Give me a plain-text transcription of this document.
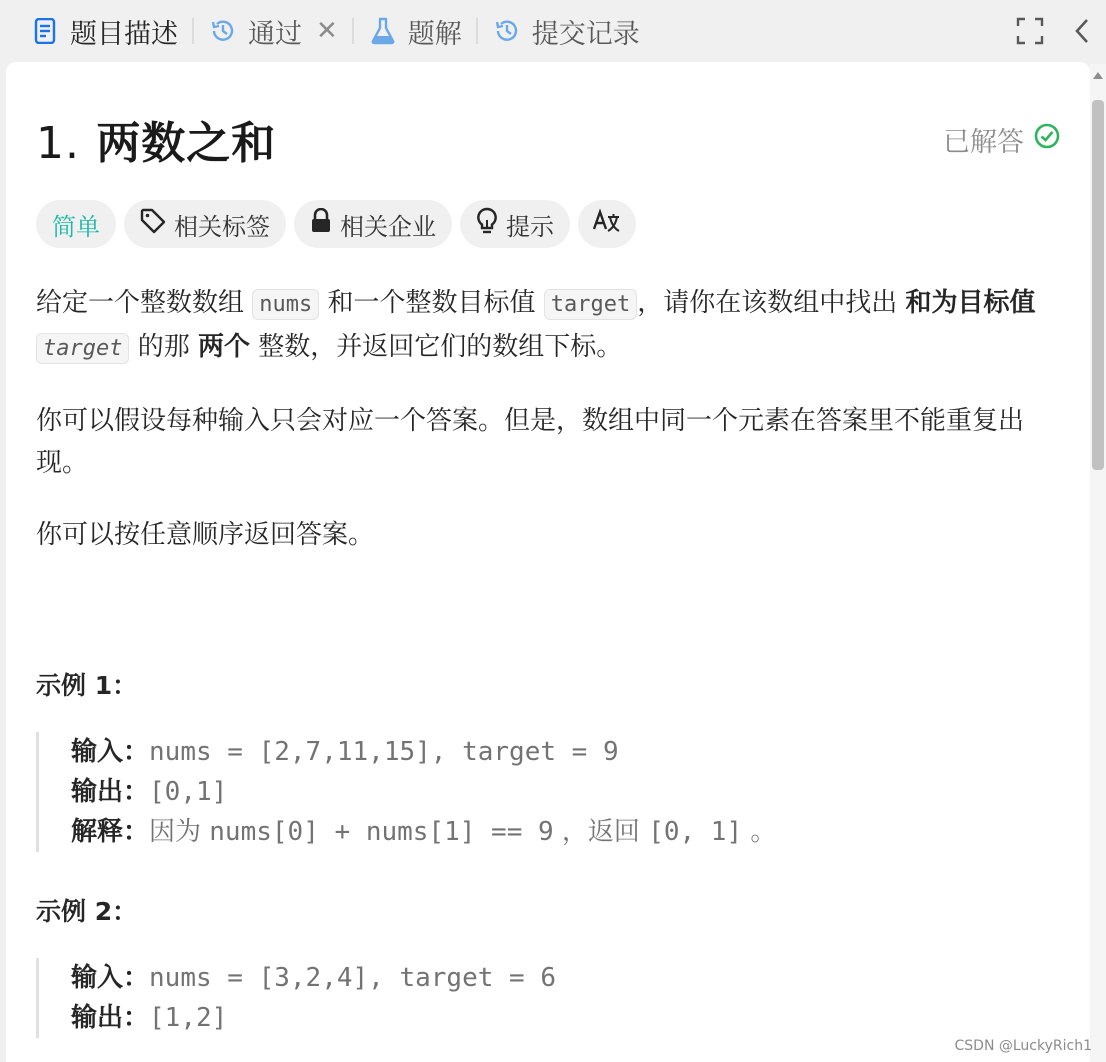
题目描述	通过 ✕	题解	提交记录
1. 两数之和	已解答
简单	相关标签	相关企业	提示

给定一个整数数组 nums 和一个整数目标值 target ，请你在该数组中找出 和为目标值 target 的那 两个 整数，并返回它们的数组下标。

你可以假设每种输入只会对应一个答案。但是，数组中同一个元素在答案里不能重复出现。

你可以按任意顺序返回答案。

示例 1：
输入：nums = [2,7,11,15], target = 9
输出：[0,1]
解释：因为 nums[0] + nums[1] == 9 ，返回 [0, 1] 。
示例 2：
输入：nums = [3,2,4], target = 6
输出：[1,2]
CSDN @LuckyRich1
